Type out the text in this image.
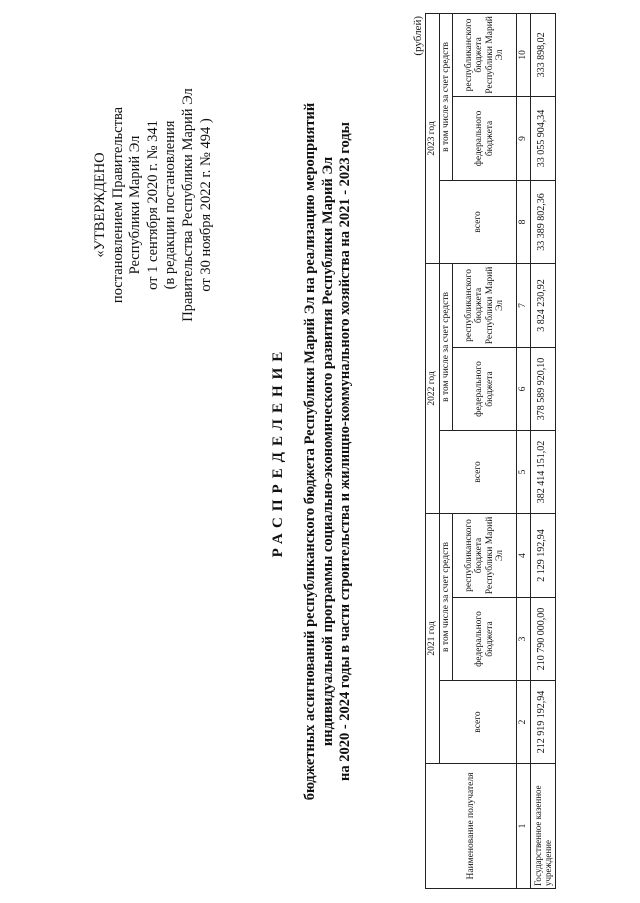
«УТВЕРЖДЕНО постановлением Правительства Республики Марий Эл от 1 сентября 2020 г. № 341 (в редакции постановления Правительства Республики Марий Эл от 30 ноября 2022 г. № 494 )
РАСПРЕДЕЛЕНИЕ бюджетных ассигнований республиканского бюджета Республики Марий Эл на реализацию мероприятий индивидуальной программы социально-экономического развития Республики Марий Эл на 2020 - 2024 годы в части строительства и жилищно-коммунального хозяйства на 2021 - 2023 годы
(рублей)
Наименование получателя	2021 год			2022 год			2023 год		
	всего	в том числе за счет средств		всего	в том числе за счет средств		всего	в том числе за счет средств	
		федерального бюджета	республиканского бюджета Республики Марий Эл		федерального бюджета	республиканского бюджета Республики Марий Эл		федерального бюджета	республиканского бюджета Республики Марий Эл
1	2	3	4	5	6	7	8	9	10
Государственное казенное учреждение	212 919 192,94	210 790 000,00	2 129 192,94	382 414 151,02	378 589 920,10	3 824 230,92	33 389 802,36	33 055 904,34	333 898,02
